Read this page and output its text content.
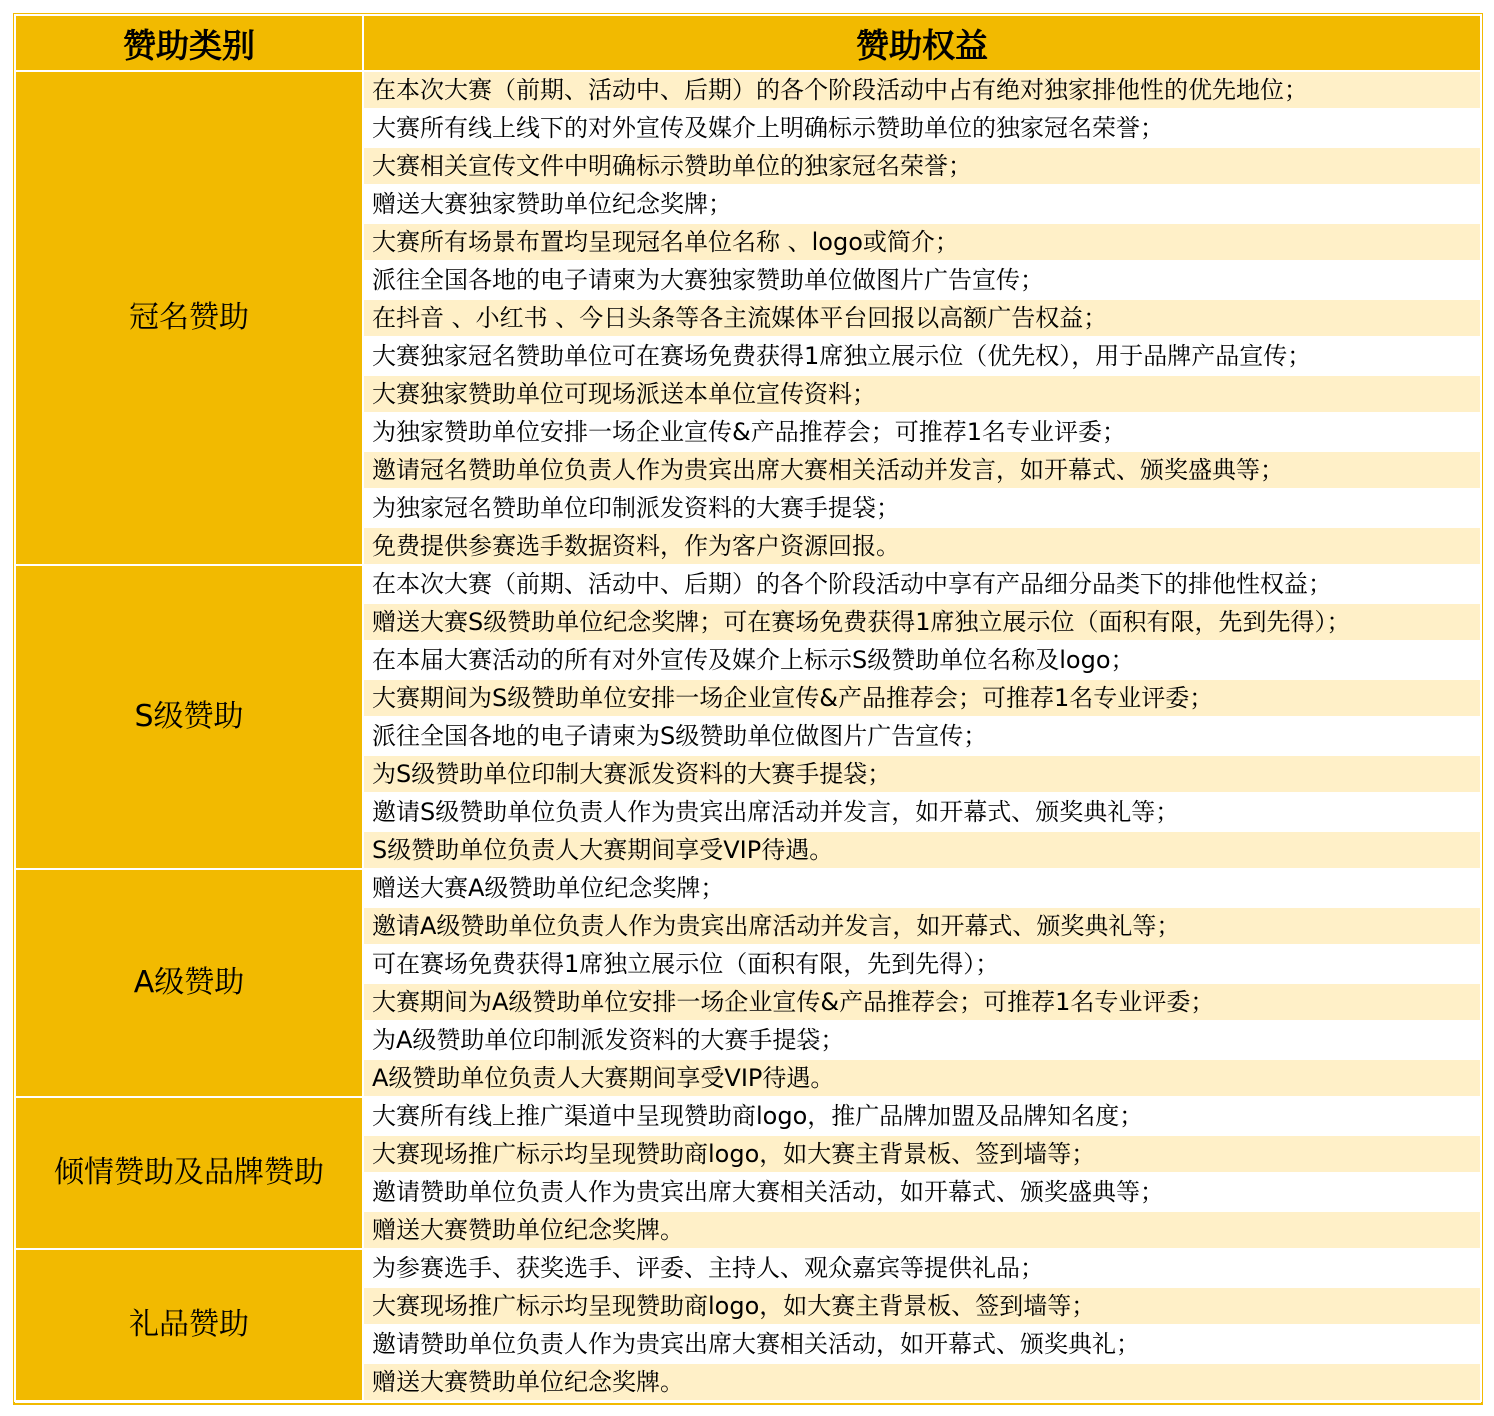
赞助类别	赞助权益
冠名赞助	在本次大赛（前期、活动中、后期）的各个阶段活动中占有绝对独家排他性的优先地位；
	大赛所有线上线下的对外宣传及媒介上明确标示赞助单位的独家冠名荣誉；
	大赛相关宣传文件中明确标示赞助单位的独家冠名荣誉；
	赠送大赛独家赞助单位纪念奖牌；
	大赛所有场景布置均呈现冠名单位名称 、logo或简介；
	派往全国各地的电子请柬为大赛独家赞助单位做图片广告宣传；
	在抖音 、小红书 、今日头条等各主流媒体平台回报以高额广告权益；
	大赛独家冠名赞助单位可在赛场免费获得1席独立展示位（优先权），用于品牌产品宣传；
	大赛独家赞助单位可现场派送本单位宣传资料；
	为独家赞助单位安排一场企业宣传&产品推荐会；可推荐1名专业评委；
	邀请冠名赞助单位负责人作为贵宾出席大赛相关活动并发言，如开幕式、颁奖盛典等；
	为独家冠名赞助单位印制派发资料的大赛手提袋；
	免费提供参赛选手数据资料，作为客户资源回报。
S级赞助	在本次大赛（前期、活动中、后期）的各个阶段活动中享有产品细分品类下的排他性权益；
	赠送大赛S级赞助单位纪念奖牌；可在赛场免费获得1席独立展示位（面积有限，先到先得）；
	在本届大赛活动的所有对外宣传及媒介上标示S级赞助单位名称及logo；
	大赛期间为S级赞助单位安排一场企业宣传&产品推荐会；可推荐1名专业评委；
	派往全国各地的电子请柬为S级赞助单位做图片广告宣传；
	为S级赞助单位印制大赛派发资料的大赛手提袋；
	邀请S级赞助单位负责人作为贵宾出席活动并发言，如开幕式、颁奖典礼等；
	S级赞助单位负责人大赛期间享受VIP待遇。
A级赞助	赠送大赛A级赞助单位纪念奖牌；
	邀请A级赞助单位负责人作为贵宾出席活动并发言，如开幕式、颁奖典礼等；
	可在赛场免费获得1席独立展示位（面积有限，先到先得）；
	大赛期间为A级赞助单位安排一场企业宣传&产品推荐会；可推荐1名专业评委；
	为A级赞助单位印制派发资料的大赛手提袋；
	A级赞助单位负责人大赛期间享受VIP待遇。
倾情赞助及品牌赞助	大赛所有线上推广渠道中呈现赞助商logo，推广品牌加盟及品牌知名度；
	大赛现场推广标示均呈现赞助商logo，如大赛主背景板、签到墙等；
	邀请赞助单位负责人作为贵宾出席大赛相关活动，如开幕式、颁奖盛典等；
	赠送大赛赞助单位纪念奖牌。
礼品赞助	为参赛选手、获奖选手、评委、主持人、观众嘉宾等提供礼品；
	大赛现场推广标示均呈现赞助商logo，如大赛主背景板、签到墙等；
	邀请赞助单位负责人作为贵宾出席大赛相关活动，如开幕式、颁奖典礼；
	赠送大赛赞助单位纪念奖牌。
